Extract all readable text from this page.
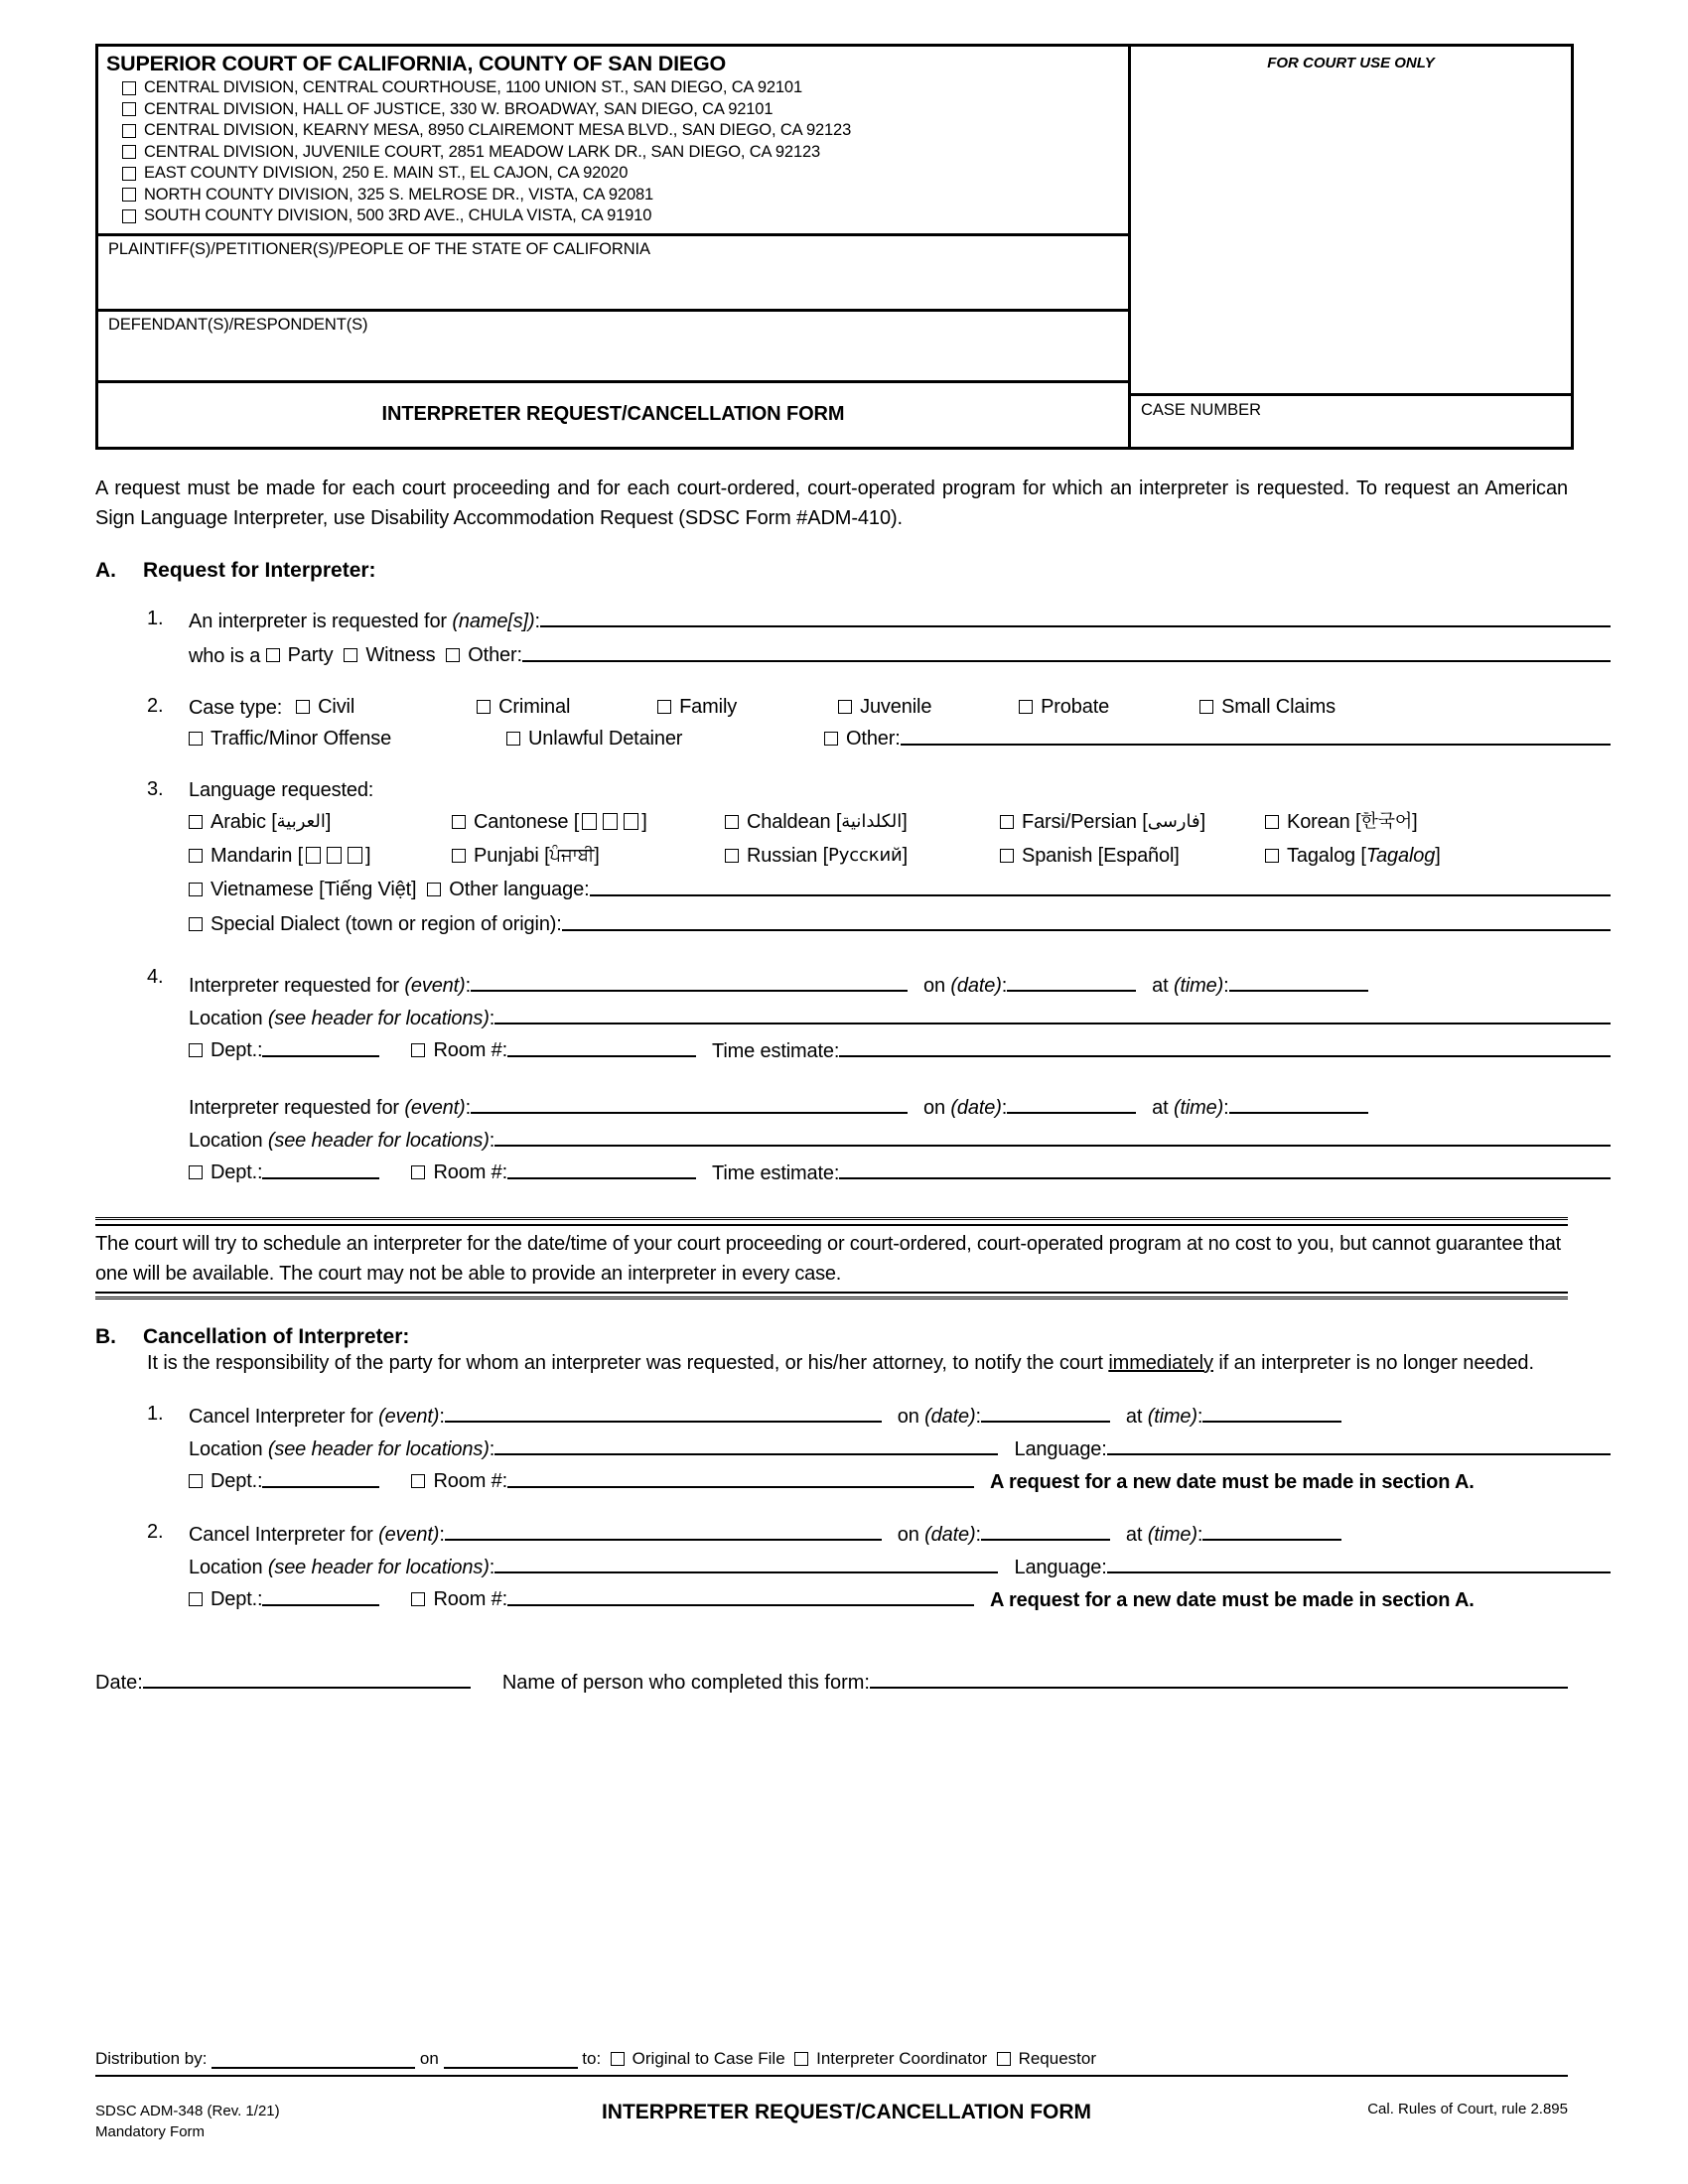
SUPERIOR COURT OF CALIFORNIA, COUNTY OF SAN DIEGO
CENTRAL DIVISION, CENTRAL COURTHOUSE, 1100 UNION ST., SAN DIEGO, CA 92101
CENTRAL DIVISION, HALL OF JUSTICE, 330 W. BROADWAY, SAN DIEGO, CA 92101
CENTRAL DIVISION, KEARNY MESA, 8950 CLAIREMONT MESA BLVD., SAN DIEGO, CA 92123
CENTRAL DIVISION, JUVENILE COURT, 2851 MEADOW LARK DR., SAN DIEGO, CA 92123
EAST COUNTY DIVISION, 250 E. MAIN ST., EL CAJON, CA 92020
NORTH COUNTY DIVISION, 325 S. MELROSE DR., VISTA, CA 92081
SOUTH COUNTY DIVISION, 500 3RD AVE., CHULA VISTA, CA 91910
PLAINTIFF(S)/PETITIONER(S)/PEOPLE OF THE STATE OF CALIFORNIA
DEFENDANT(S)/RESPONDENT(S)
INTERPRETER REQUEST/CANCELLATION FORM
FOR COURT USE ONLY
CASE NUMBER
A request must be made for each court proceeding and for each court-ordered, court-operated program for which an interpreter is requested. To request an American Sign Language Interpreter, use Disability Accommodation Request (SDSC Form #ADM-410).
A.	Request for Interpreter:
1.	An interpreter is requested for
(name[s]) :
who is a
Party
Witness
Other:
2.	Case type: Civil	Criminal	Family	Juvenile	Probate	Small Claims
Traffic/Minor Offense	Unlawful Detainer	Other:
3.	Language requested:
Arabic [ العربية ]	Cantonese [	]	Chaldean [ الكلدانية ]	Farsi/Persian [ فارسی ]	Korean [ 한국어 ]
Mandarin [	]	Punjabi [ ਪੰਜਾਬੀ ]	Russian [ Русский ]	Spanish [ Español ]	Tagalog [ Tagalog ]
Vietnamese [ Tiếng Việt ]
Other language:
Special Dialect (town or region of origin):
4.	Interpreter requested for
(event) :	on
(date) :	at
(time) :
Location
(see header for locations) :
Dept.:	Room #:	Time estimate:
Interpreter requested for
(event) :	on
(date) :	at
(time) :
Location
(see header for locations) :
Dept.:	Room #:	Time estimate:
The court will try to schedule an interpreter for the date/time of your court proceeding or court-ordered, court-operated program at no cost to you, but cannot guarantee that one will be available. The court may not be able to provide an interpreter in every case.
B.	Cancellation of Interpreter:
It is the responsibility of the party for whom an interpreter was requested, or his/her attorney, to notify the court immediately if an interpreter is no longer needed.
1.	Cancel Interpreter for
(event) :	on
(date) :	at
(time) :
Location
(see header for locations) :	Language:
Dept.:	Room #:	A request for a new date must be made in section A.
2.	Cancel Interpreter for
(event) :	on
(date) :	at
(time) :
Location
(see header for locations) :	Language:
Dept.:	Room #:	A request for a new date must be made in section A.
Date:	Name of person who completed this form:
Distribution by:

	on

	to:
Original to Case File
Interpreter Coordinator
Requestor
SDSC ADM-348 (Rev. 1/21)
Mandatory Form
INTERPRETER REQUEST/CANCELLATION FORM	Cal. Rules of Court, rule 2.895
